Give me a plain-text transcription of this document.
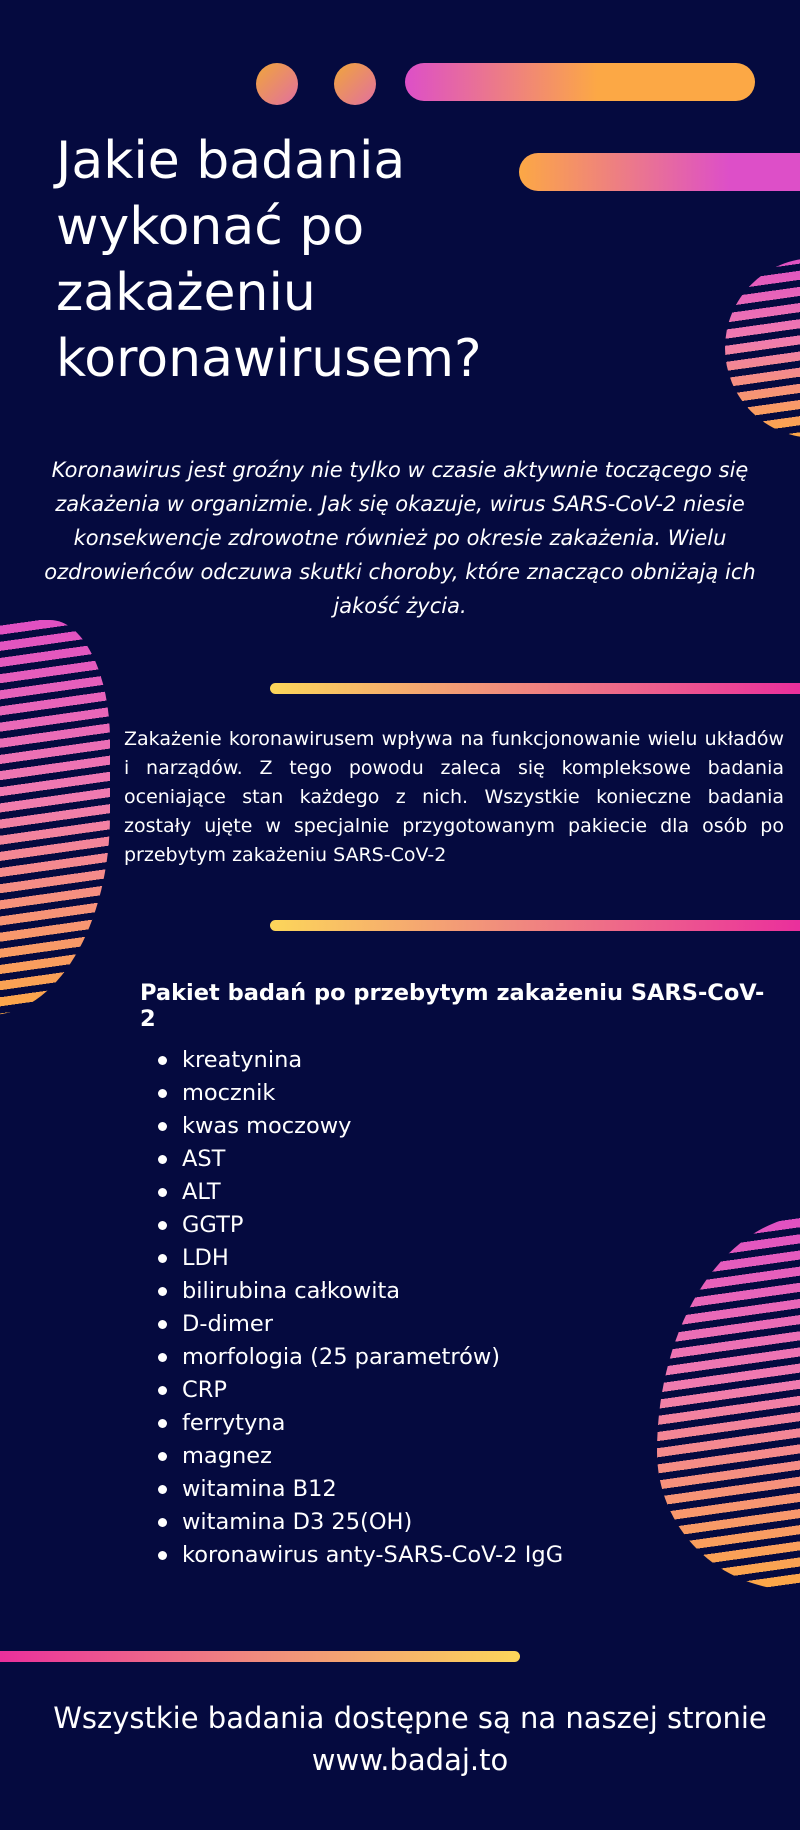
Jakie badania wykonać po zakażeniu koronawirusem?

Koronawirus jest groźny nie tylko w czasie aktywnie toczącego się zakażenia w organizmie. Jak się okazuje, wirus SARS-CoV-2 niesie konsekwencje zdrowotne również po okresie zakażenia. Wielu ozdrowieńców odczuwa skutki choroby, które znacząco obniżają ich jakość życia.

Zakażenie koronawirusem wpływa na funkcjonowanie wielu układów i narządów. Z tego powodu zaleca się kompleksowe badania oceniające stan każdego z nich. Wszystkie konieczne badania zostały ujęte w specjalnie przygotowanym pakiecie dla osób po przebytym zakażeniu SARS-CoV-2

Pakiet badań po przebytym zakażeniu SARS-CoV-2
kreatynina
mocznik
kwas moczowy
AST
ALT
GGTP
LDH
bilirubina całkowita
D-dimer
morfologia (25 parametrów)
CRP
ferrytyna
magnez
witamina B12
witamina D3 25(OH)
koronawirus anty-SARS-CoV-2 IgG

Wszystkie badania dostępne są na naszej stronie
www.badaj.to
